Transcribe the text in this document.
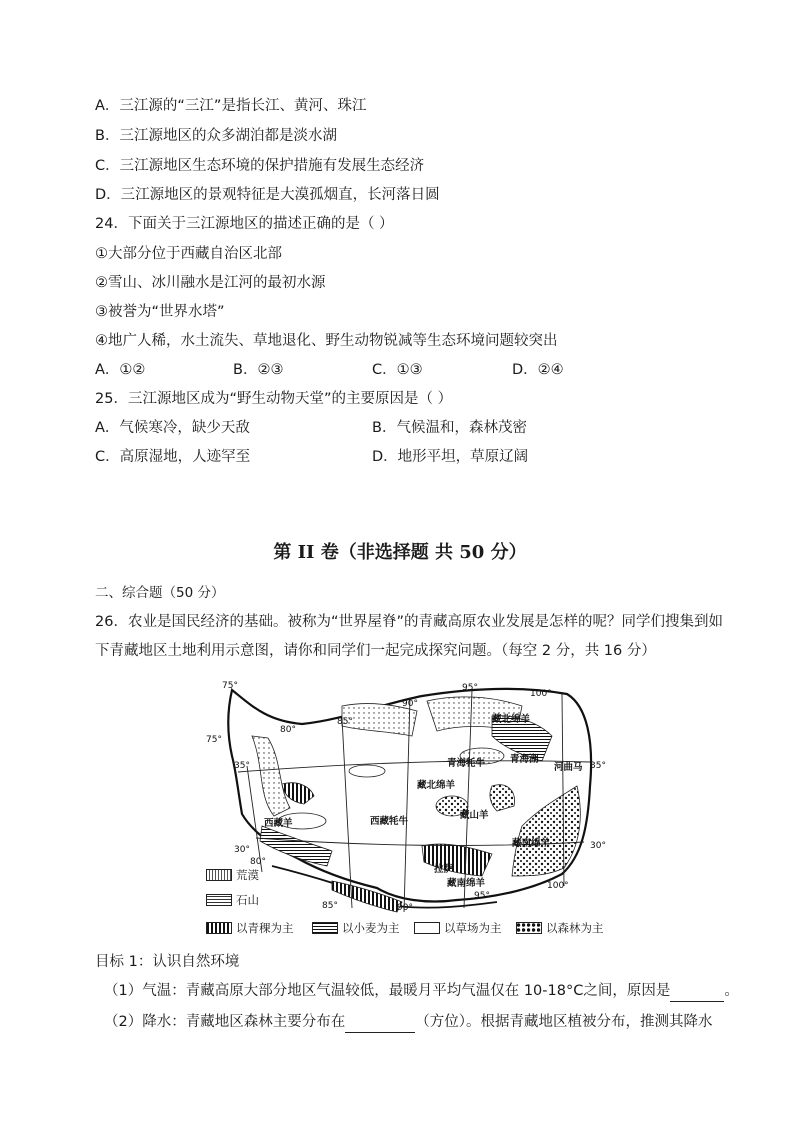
A．三江源的“三江”是指长江、黄河、珠江
B．三江源地区的众多湖泊都是淡水湖
C．三江源地区生态环境的保护措施有发展生态经济
D．三江源地区的景观特征是大漠孤烟直，长河落日圆
24．下面关于三江源地区的描述正确的是（ ）
①大部分位于西藏自治区北部
②雪山、冰川融水是江河的最初水源
③被誉为“世界水塔”
④地广人稀，水土流失、草地退化、野生动物锐减等生态环境问题较突出
A．①②	B．②③	C．①③	D．②④
25．三江源地区成为“野生动物天堂”的主要原因是（ ）
A．气候寒冷，缺少天敌	B．气候温和，森林茂密
C．高原湿地，人迹罕至	D．地形平坦，草原辽阔
第 II 卷（非选择题 共 50 分）
二、综合题（50 分）
26．农业是国民经济的基础。被称为“世界屋脊”的青藏高原农业发展是怎样的呢？同学们搜集到如
下青藏地区土地利用示意图，请你和同学们一起完成探究问题。（每空 2 分，共 16 分）
75°
80°
85°
90°
95°
100°
35°	35°
30°
80°
85°	90°
95°
100°
30°
75°
青海湖
青海牦牛
藏北绵羊
西藏羊	西藏牦牛
藏山羊
藏南绵羊
拉萨
藏南绵羊
藏北绵羊
河曲马
荒漠
石山
以青稞为主	以小麦为主	以草场为主	以森林为主
目标 1：认识自然环境
（1）气温：青藏高原大部分地区气温较低，最暖月平均气温仅在 10-18°C之间，原因是	。
（2）降水：青藏地区森林主要分布在	（方位）。根据青藏地区植被分布，推测其降水
